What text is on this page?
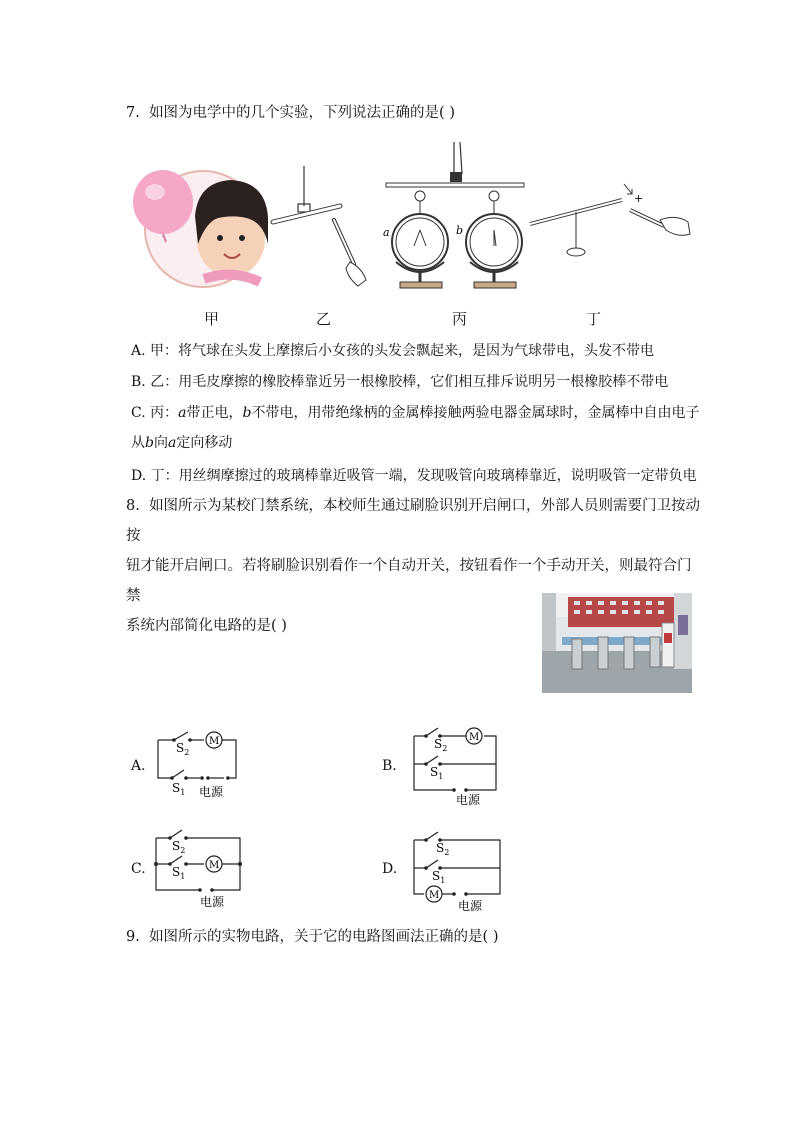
7. 如图为电学中的几个实验，下列说法正确的是( )
a	b
+
甲	乙	丙	丁
A. 甲：将气球在头发上摩擦后小女孩的头发会飘起来，是因为气球带电，头发不带电
B. 乙：用毛皮摩擦的橡胶棒靠近另一根橡胶棒，它们相互排斥说明另一根橡胶棒不带电
C. 丙：a带正电，b不带电，用带绝缘柄的金属棒接触两验电器金属球时，金属棒中自由电子
从b向a定向移动
D. 丁：用丝绸摩擦过的玻璃棒靠近吸管一端，发现吸管向玻璃棒靠近，说明吸管一定带负电
8. 如图所示为某校门禁系统，本校师生通过刷脸识别开启闸口，外部人员则需要门卫按动按
钮才能开启闸口。若将刷脸识别看作一个自动开关，按钮看作一个手动开关，则最符合门禁
系统内部简化电路的是( )
A.	B.
C.	D.
M
$S_2$
$S_1$ 电源
M
$S_2$
$S_1$
电源
M
$S_2$
$S_1$
电源	M
$S_2$
$S_1$
电源
9. 如图所示的实物电路，关于它的电路图画法正确的是( )
